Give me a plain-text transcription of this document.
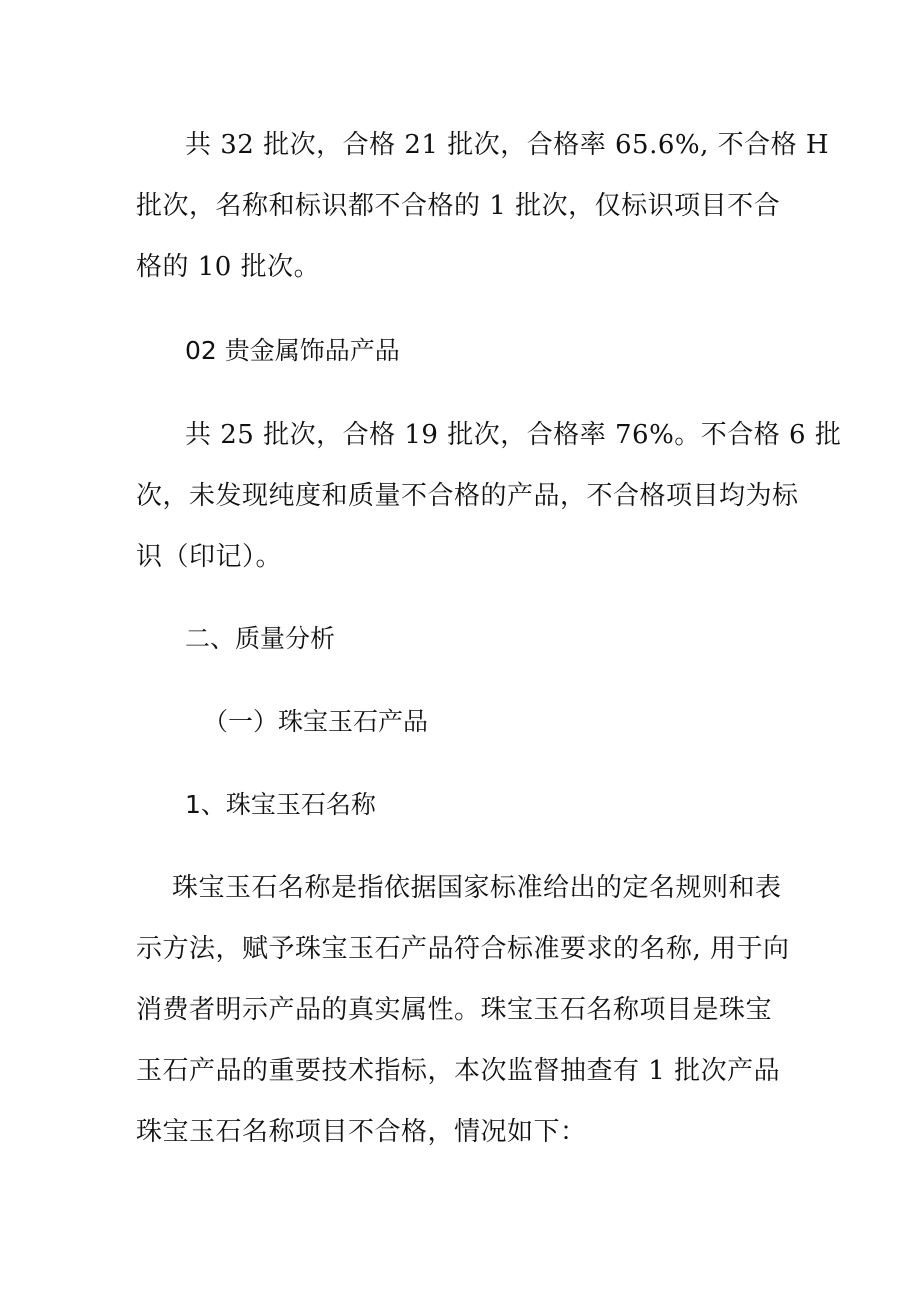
共 32 批次，合格 21 批次，合格率 65.6%, 不合格 H
批次，名称和标识都不合格的 1 批次，仅标识项目不合
格的 10 批次。
02 贵金属饰品产品
共 25 批次，合格 19 批次，合格率 76%。不合格 6 批
次，未发现纯度和质量不合格的产品，不合格项目均为标
识（印记）。
二、质量分析
（一）珠宝玉石产品
1、珠宝玉石名称
珠宝玉石名称是指依据国家标准给出的定名规则和表
示方法，赋予珠宝玉石产品符合标准要求的名称, 用于向
消费者明示产品的真实属性。珠宝玉石名称项目是珠宝
玉石产品的重要技术指标，本次监督抽查有 1 批次产品
珠宝玉石名称项目不合格，情况如下：
